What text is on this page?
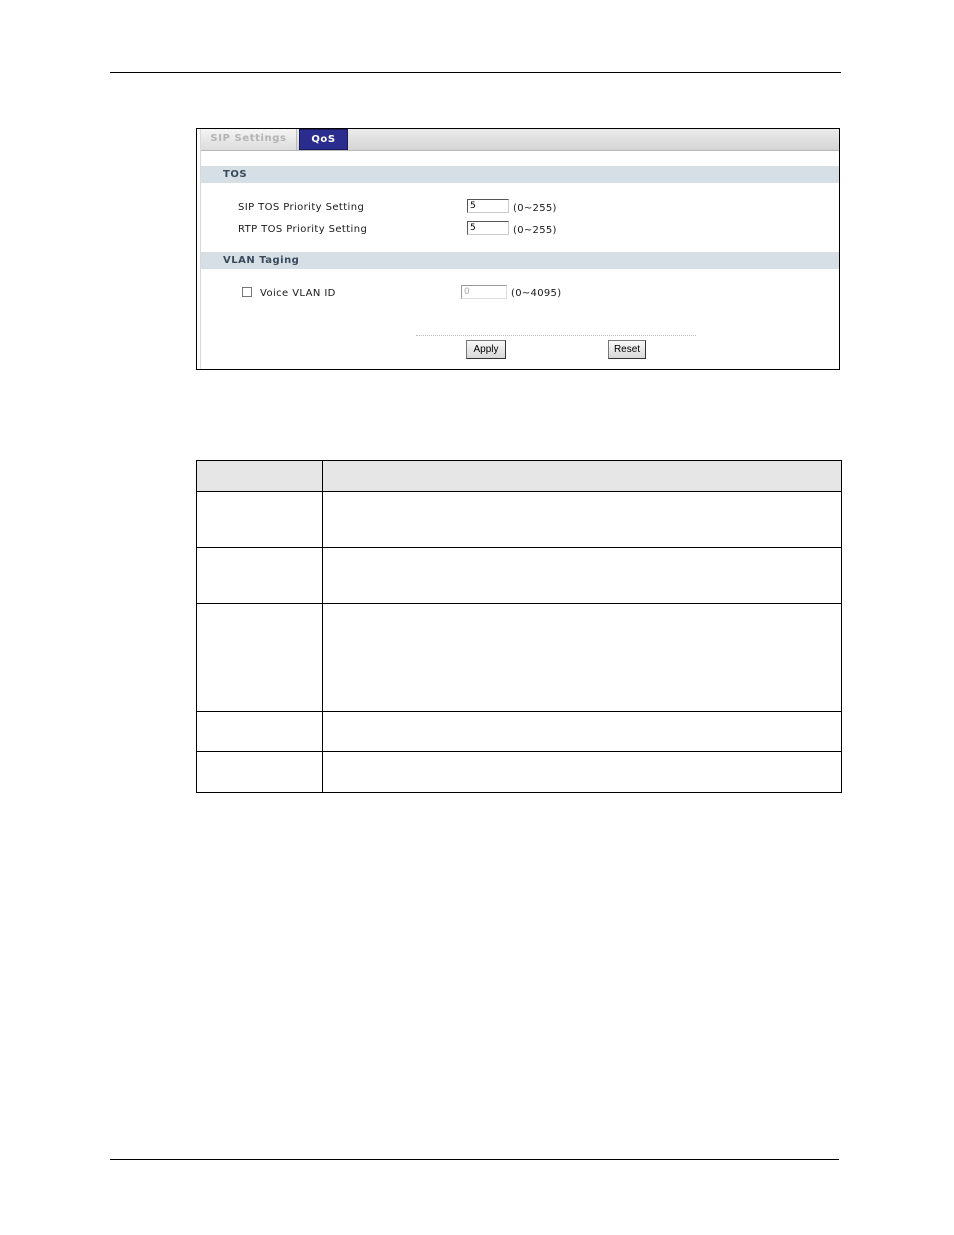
SIP Settings	QoS
TOS
SIP TOS Priority Setting
5	(0~255)
RTP TOS Priority Setting
5	(0~255)
VLAN Taging
Voice VLAN ID
0	(0~4095)
Apply	Reset
